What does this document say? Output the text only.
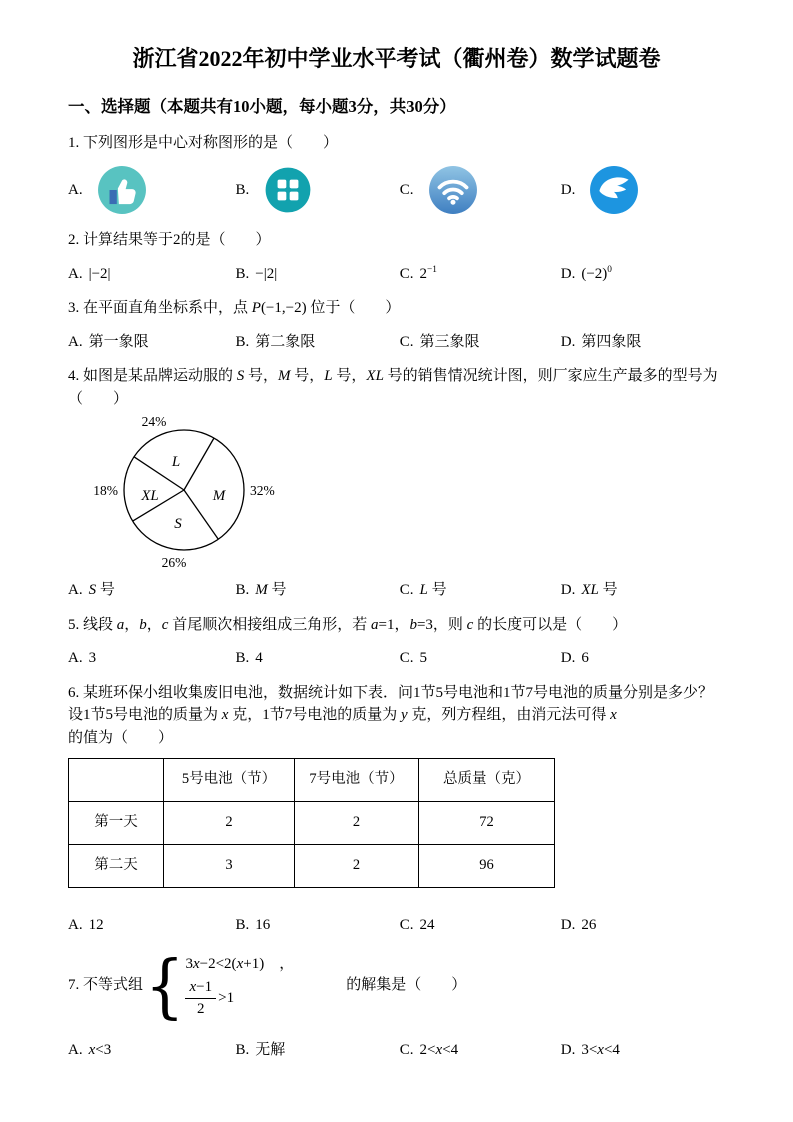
浙江省2022年初中学业水平考试（衢州卷）数学试题卷
一、选择题（本题共有10小题，每小题3分，共30分）
1. 下列图形是中心对称图形的是（　　）
A.	B.	C.	D.
2. 计算结果等于2的是（　　）
A. |−2|	B. −|2|	C. $2^{-1}$	D. $(-2)^0$
3. 在平面直角坐标系中，点 P(−1,−2) 位于（　　）
A. 第一象限	B. 第二象限	C. 第三象限	D. 第四象限
4. 如图是某品牌运动服的 S 号，M 号，L 号，XL 号的销售情况统计图，则厂家应生产最多的型号为（　　）
L
M
XL
S
24%
32%
18%
26%
A. S 号	B. M 号	C. L 号	D. XL 号
5. 线段 a，b，c 首尾顺次相接组成三角形，若 a=1，b=3，则 c 的长度可以是（　　）
A. 3	B. 4	C. 5	D. 6
6. 某班环保小组收集废旧电池，数据统计如下表．问1节5号电池和1节7号电池的质量分别是多少？设1节5号电池的质量为 x 克，1节7号电池的质量为 y 克，列方程组，由消元法可得 x 的值为（　　）
	5号电池（节）	7号电池（节）	总质量（克）
第一天	2	2	72
第二天	3	2	96
A. 12	B. 16	C. 24	D. 26
7. 不等式组 { 3 x −2<2( x +1)　，
$\frac{x-1}{2} >1$
的解集是（　　）
A. x<3	B. 无解	C. 2<x<4	D. 3<x<4
